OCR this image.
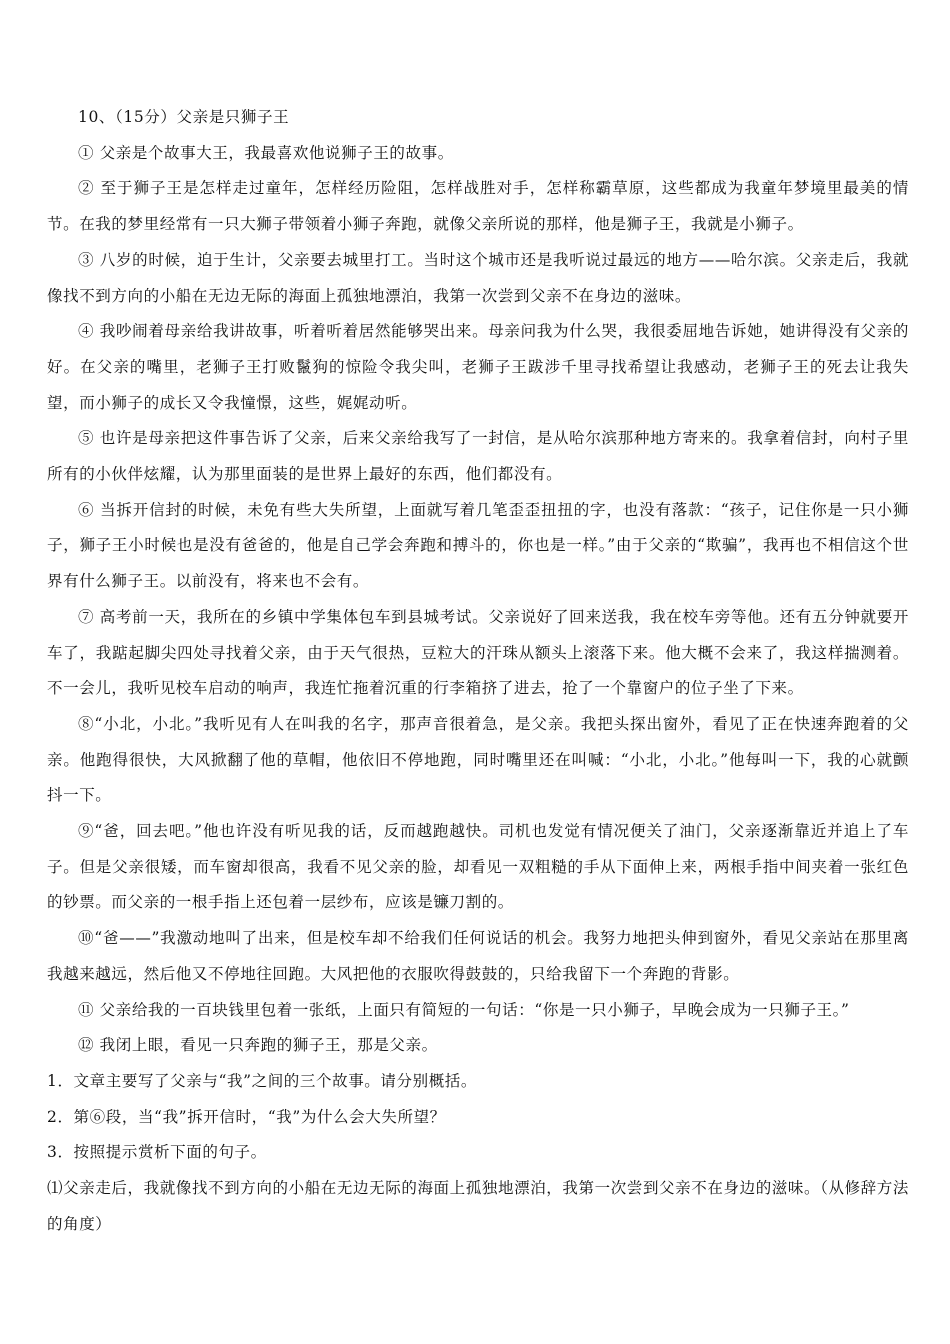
10、（15分）父亲是只狮子王

① 父亲是个故事大王，我最喜欢他说狮子王的故事。

② 至于狮子王是怎样走过童年，怎样经历险阻，怎样战胜对手，怎样称霸草原，这些都成为我童年梦境里最美的情节。在我的梦里经常有一只大狮子带领着小狮子奔跑，就像父亲所说的那样，他是狮子王，我就是小狮子。

③ 八岁的时候，迫于生计，父亲要去城里打工。当时这个城市还是我听说过最远的地方——哈尔滨。父亲走后，我就像找不到方向的小船在无边无际的海面上孤独地漂泊，我第一次尝到父亲不在身边的滋味。

④ 我吵闹着母亲给我讲故事，听着听着居然能够哭出来。母亲问我为什么哭，我很委屈地告诉她，她讲得没有父亲的好。在父亲的嘴里，老狮子王打败鬣狗的惊险令我尖叫，老狮子王跋涉千里寻找希望让我感动，老狮子王的死去让我失望，而小狮子的成长又令我憧憬，这些，娓娓动听。

⑤ 也许是母亲把这件事告诉了父亲，后来父亲给我写了一封信，是从哈尔滨那种地方寄来的。我拿着信封，向村子里所有的小伙伴炫耀，认为那里面装的是世界上最好的东西，他们都没有。

⑥ 当拆开信封的时候，未免有些大失所望，上面就写着几笔歪歪扭扭的字，也没有落款：“孩子，记住你是一只小狮子，狮子王小时候也是没有爸爸的，他是自己学会奔跑和搏斗的，你也是一样。”由于父亲的“欺骗”，我再也不相信这个世界有什么狮子王。以前没有，将来也不会有。

⑦ 高考前一天，我所在的乡镇中学集体包车到县城考试。父亲说好了回来送我，我在校车旁等他。还有五分钟就要开车了，我踮起脚尖四处寻找着父亲，由于天气很热，豆粒大的汗珠从额头上滚落下来。他大概不会来了，我这样揣测着。不一会儿，我听见校车启动的响声，我连忙拖着沉重的行李箱挤了进去，抢了一个靠窗户的位子坐了下来。

⑧“小北，小北。”我听见有人在叫我的名字，那声音很着急，是父亲。我把头探出窗外，看见了正在快速奔跑着的父亲。他跑得很快，大风掀翻了他的草帽，他依旧不停地跑，同时嘴里还在叫喊：“小北，小北。”他每叫一下，我的心就颤抖一下。

⑨“爸，回去吧。”他也许没有听见我的话，反而越跑越快。司机也发觉有情况便关了油门，父亲逐渐靠近并追上了车子。但是父亲很矮，而车窗却很高，我看不见父亲的脸，却看见一双粗糙的手从下面伸上来，两根手指中间夹着一张红色的钞票。而父亲的一根手指上还包着一层纱布，应该是镰刀割的。

⑩“爸——”我激动地叫了出来，但是校车却不给我们任何说话的机会。我努力地把头伸到窗外，看见父亲站在那里离我越来越远，然后他又不停地往回跑。大风把他的衣服吹得鼓鼓的，只给我留下一个奔跑的背影。

⑪ 父亲给我的一百块钱里包着一张纸，上面只有简短的一句话：“你是一只小狮子，早晚会成为一只狮子王。”

⑫ 我闭上眼，看见一只奔跑的狮子王，那是父亲。

1．文章主要写了父亲与“我”之间的三个故事。请分别概括。

2．第⑥段，当“我”拆开信时，“我”为什么会大失所望？

3．按照提示赏析下面的句子。

⑴父亲走后，我就像找不到方向的小船在无边无际的海面上孤独地漂泊，我第一次尝到父亲不在身边的滋味。（从修辞方法的角度）
